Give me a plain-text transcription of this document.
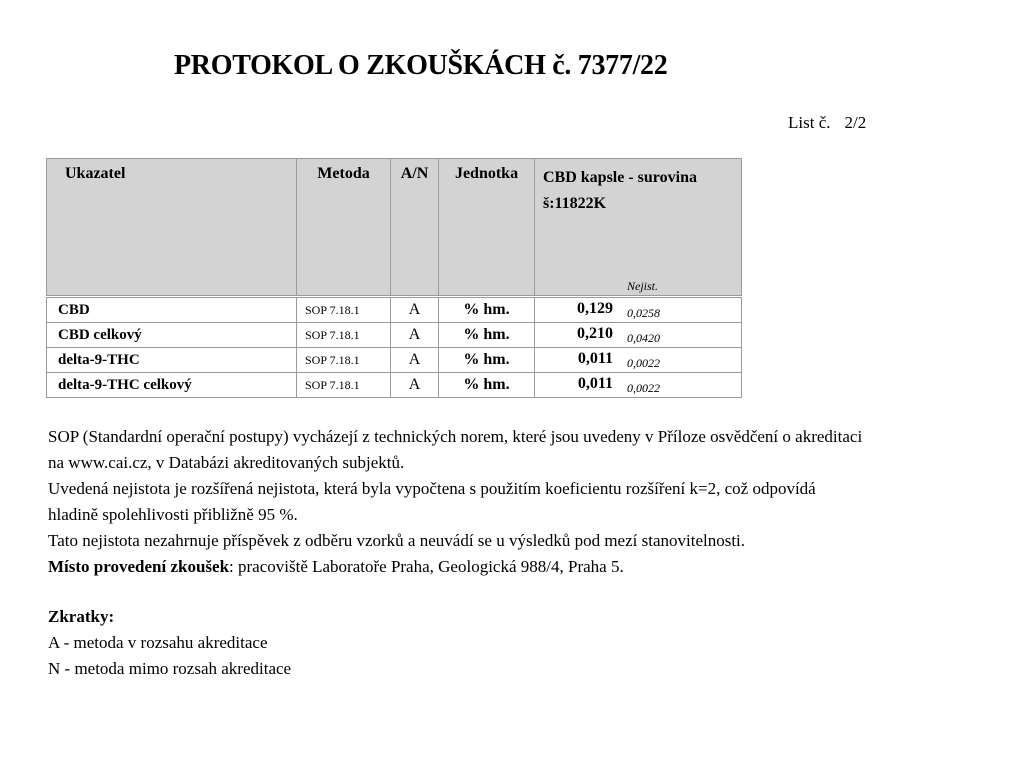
PROTOKOL O ZKOUŠKÁCH č. 7377/22
List č. 2/2
Ukazatel	Metoda	A/N	Jednotka	CBD kapsle - surovina
š:11822K
Nejist.

CBD	SOP 7.18.1	A	% hm.	0,129 0,0258
CBD celkový	SOP 7.18.1	A	% hm.	0,210 0,0420
delta-9-THC	SOP 7.18.1	A	% hm.	0,011 0,0022
delta-9-THC celkový	SOP 7.18.1	A	% hm.	0,011 0,0022

SOP (Standardní operační postupy) vycházejí z technických norem, které jsou uvedeny v Příloze osvědčení o akreditaci

na www.cai.cz, v Databázi akreditovaných subjektů.

Uvedená nejistota je rozšířená nejistota, která byla vypočtena s použitím koeficientu rozšíření k=2, což odpovídá

hladině spolehlivosti přibližně 95 %.

Tato nejistota nezahrnuje příspěvek z odběru vzorků a neuvádí se u výsledků pod mezí stanovitelnosti.

Místo provedení zkoušek: pracoviště Laboratoře Praha, Geologická 988/4, Praha 5.

Zkratky:

A - metoda v rozsahu akreditace

N - metoda mimo rozsah akreditace
